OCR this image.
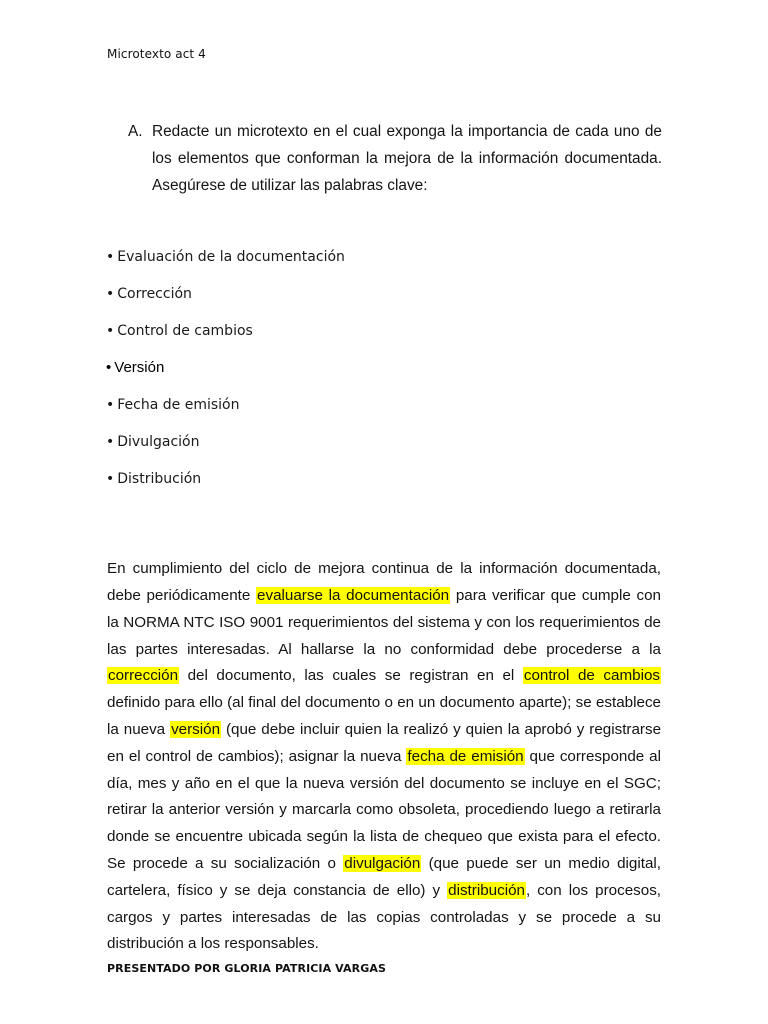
Microtexto act 4
A. Redacte un microtexto en el cual exponga la importancia de cada uno de los elementos que conforman la mejora de la información documentada. Asegúrese de utilizar las palabras clave:
• Evaluación de la documentación
• Corrección
• Control de cambios
• Versión
• Fecha de emisión
• Divulgación
• Distribución

En cumplimiento del ciclo de mejora continua de la información documentada, debe periódicamente evaluarse la documentación para verificar que cumple con la NORMA NTC ISO 9001 requerimientos del sistema y con los requerimientos de las partes interesadas. Al hallarse la no conformidad debe procederse a la corrección del documento, las cuales se registran en el control de cambios definido para ello (al final del documento o en un documento aparte); se establece la nueva versión (que debe incluir quien la realizó y quien la aprobó y registrarse en el control de cambios); asignar la nueva fecha de emisión que corresponde al día, mes y año en el que la nueva versión del documento se incluye en el SGC; retirar la anterior versión y marcarla como obsoleta, procediendo luego a retirarla donde se encuentre ubicada según la lista de chequeo que exista para el efecto. Se procede a su socialización o divulgación (que puede ser un medio digital, cartelera, físico y se deja constancia de ello) y distribución, con los procesos, cargos y partes interesadas de las copias controladas y se procede a su distribución a los responsables.

PRESENTADO POR GLORIA PATRICIA VARGAS
